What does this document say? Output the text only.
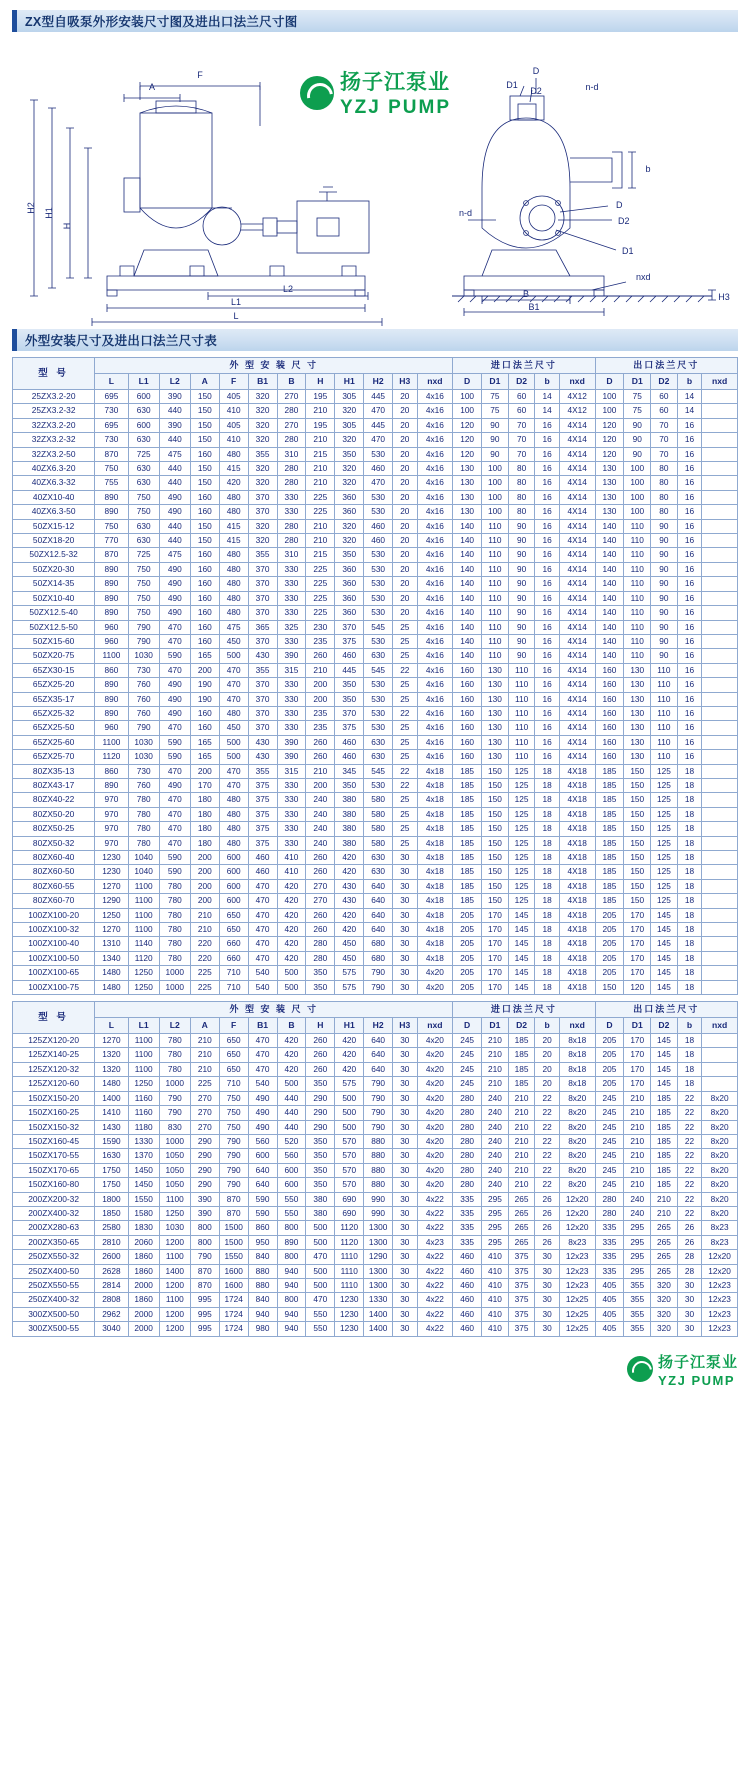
ZX型自吸泵外形安装尺寸图及进出口法兰尺寸图
F
A
H2 H1
H
L2
L1
L
D
D1
D2	n-d
b
n-d
D
D2
D1
nxd
B
B1
H3
扬子江泵业
YZJ PUMP
外型安装尺寸及进出口法兰尺寸表
型 号	外 型 安 装 尺 寸												进口法兰尺寸					出口法兰尺寸				
	L	L1	L2	A	F	B1	B	H	H1	H2	H3	nxd	D	D1	D2	b	nxd	D	D1	D2	b	nxd
25ZX3.2-20	695	600	390	150	405	320	270	195	305	445	20	4x16	100	75	60	14	4X12	100	75	60	14	
25ZX3.2-32	730	630	440	150	410	320	280	210	320	470	20	4x16	100	75	60	14	4X12	100	75	60	14	
32ZX3.2-20	695	600	390	150	405	320	270	195	305	445	20	4x16	120	90	70	16	4X14	120	90	70	16	
32ZX3.2-32	730	630	440	150	410	320	280	210	320	470	20	4x16	120	90	70	16	4X14	120	90	70	16	
32ZX3.2-50	870	725	475	160	480	355	310	215	350	530	20	4x16	120	90	70	16	4X14	120	90	70	16	
40ZX6.3-20	750	630	440	150	415	320	280	210	320	460	20	4x16	130	100	80	16	4X14	130	100	80	16	
40ZX6.3-32	755	630	440	150	420	320	280	210	320	470	20	4x16	130	100	80	16	4X14	130	100	80	16	
40ZX10-40	890	750	490	160	480	370	330	225	360	530	20	4x16	130	100	80	16	4X14	130	100	80	16	
40ZX6.3-50	890	750	490	160	480	370	330	225	360	530	20	4x16	130	100	80	16	4X14	130	100	80	16	
50ZX15-12	750	630	440	150	415	320	280	210	320	460	20	4x16	140	110	90	16	4X14	140	110	90	16	
50ZX18-20	770	630	440	150	415	320	280	210	320	460	20	4x16	140	110	90	16	4X14	140	110	90	16	
50ZX12.5-32	870	725	475	160	480	355	310	215	350	530	20	4x16	140	110	90	16	4X14	140	110	90	16	
50ZX20-30	890	750	490	160	480	370	330	225	360	530	20	4x16	140	110	90	16	4X14	140	110	90	16	
50ZX14-35	890	750	490	160	480	370	330	225	360	530	20	4x16	140	110	90	16	4X14	140	110	90	16	
50ZX10-40	890	750	490	160	480	370	330	225	360	530	20	4x16	140	110	90	16	4X14	140	110	90	16	
50ZX12.5-40	890	750	490	160	480	370	330	225	360	530	20	4x16	140	110	90	16	4X14	140	110	90	16	
50ZX12.5-50	960	790	470	160	475	365	325	230	370	545	25	4x16	140	110	90	16	4X14	140	110	90	16	
50ZX15-60	960	790	470	160	450	370	330	235	375	530	25	4x16	140	110	90	16	4X14	140	110	90	16	
50ZX20-75	1100	1030	590	165	500	430	390	260	460	630	25	4x16	140	110	90	16	4X14	140	110	90	16	
65ZX30-15	860	730	470	200	470	355	315	210	445	545	22	4x16	160	130	110	16	4X14	160	130	110	16	
65ZX25-20	890	760	490	190	470	370	330	200	350	530	25	4x16	160	130	110	16	4X14	160	130	110	16	
65ZX35-17	890	760	490	190	470	370	330	200	350	530	25	4x16	160	130	110	16	4X14	160	130	110	16	
65ZX25-32	890	760	490	160	480	370	330	235	370	530	22	4x16	160	130	110	16	4X14	160	130	110	16	
65ZX25-50	960	790	470	160	450	370	330	235	375	530	25	4x16	160	130	110	16	4X14	160	130	110	16	
65ZX25-60	1100	1030	590	165	500	430	390	260	460	630	25	4x16	160	130	110	16	4X14	160	130	110	16	
65ZX25-70	1120	1030	590	165	500	430	390	260	460	630	25	4x16	160	130	110	16	4X14	160	130	110	16	
80ZX35-13	860	730	470	200	470	355	315	210	345	545	22	4x18	185	150	125	18	4X18	185	150	125	18	
80ZX43-17	890	760	490	170	470	375	330	200	350	530	22	4x18	185	150	125	18	4X18	185	150	125	18	
80ZX40-22	970	780	470	180	480	375	330	240	380	580	25	4x18	185	150	125	18	4X18	185	150	125	18	
80ZX50-20	970	780	470	180	480	375	330	240	380	580	25	4x18	185	150	125	18	4X18	185	150	125	18	
80ZX50-25	970	780	470	180	480	375	330	240	380	580	25	4x18	185	150	125	18	4X18	185	150	125	18	
80ZX50-32	970	780	470	180	480	375	330	240	380	580	25	4x18	185	150	125	18	4X18	185	150	125	18	
80ZX60-40	1230	1040	590	200	600	460	410	260	420	630	30	4x18	185	150	125	18	4X18	185	150	125	18	
80ZX60-50	1230	1040	590	200	600	460	410	260	420	630	30	4x18	185	150	125	18	4X18	185	150	125	18	
80ZX60-55	1270	1100	780	200	600	470	420	270	430	640	30	4x18	185	150	125	18	4X18	185	150	125	18	
80ZX60-70	1290	1100	780	200	600	470	420	270	430	640	30	4x18	185	150	125	18	4X18	185	150	125	18	
100ZX100-20	1250	1100	780	210	650	470	420	260	420	640	30	4x18	205	170	145	18	4X18	205	170	145	18	
100ZX100-32	1270	1100	780	210	650	470	420	260	420	640	30	4x18	205	170	145	18	4X18	205	170	145	18	
100ZX100-40	1310	1140	780	220	660	470	420	280	450	680	30	4x18	205	170	145	18	4X18	205	170	145	18	
100ZX100-50	1340	1120	780	220	660	470	420	280	450	680	30	4x18	205	170	145	18	4X18	205	170	145	18	
100ZX100-65	1480	1250	1000	225	710	540	500	350	575	790	30	4x20	205	170	145	18	4X18	205	170	145	18	
100ZX100-75	1480	1250	1000	225	710	540	500	350	575	790	30	4x20	205	170	145	18	4X18	150	120	145	18	
型 号	外 型 安 装 尺 寸												进口法兰尺寸					出口法兰尺寸				
	L	L1	L2	A	F	B1	B	H	H1	H2	H3	nxd	D	D1	D2	b	nxd	D	D1	D2	b	nxd
125ZX120-20	1270	1100	780	210	650	470	420	260	420	640	30	4x20	245	210	185	20	8x18	205	170	145	18	
125ZX140-25	1320	1100	780	210	650	470	420	260	420	640	30	4x20	245	210	185	20	8x18	205	170	145	18	
125ZX120-32	1320	1100	780	210	650	470	420	260	420	640	30	4x20	245	210	185	20	8x18	205	170	145	18	
125ZX120-60	1480	1250	1000	225	710	540	500	350	575	790	30	4x20	245	210	185	20	8x18	205	170	145	18	
150ZX150-20	1400	1160	790	270	750	490	440	290	500	790	30	4x20	280	240	210	22	8x20	245	210	185	22	8x20
150ZX160-25	1410	1160	790	270	750	490	440	290	500	790	30	4x20	280	240	210	22	8x20	245	210	185	22	8x20
150ZX150-32	1430	1180	830	270	750	490	440	290	500	790	30	4x20	280	240	210	22	8x20	245	210	185	22	8x20
150ZX160-45	1590	1330	1000	290	790	560	520	350	570	880	30	4x20	280	240	210	22	8x20	245	210	185	22	8x20
150ZX170-55	1630	1370	1050	290	790	600	560	350	570	880	30	4x20	280	240	210	22	8x20	245	210	185	22	8x20
150ZX170-65	1750	1450	1050	290	790	640	600	350	570	880	30	4x20	280	240	210	22	8x20	245	210	185	22	8x20
150ZX160-80	1750	1450	1050	290	790	640	600	350	570	880	30	4x20	280	240	210	22	8x20	245	210	185	22	8x20
200ZX200-32	1800	1550	1100	390	870	590	550	380	690	990	30	4x22	335	295	265	26	12x20	280	240	210	22	8x20
200ZX400-32	1850	1580	1250	390	870	590	550	380	690	990	30	4x22	335	295	265	26	12x20	280	240	210	22	8x20
200ZX280-63	2580	1830	1030	800	1500	860	800	500	1120	1300	30	4x22	335	295	265	26	12x20	335	295	265	26	8x23
200ZX350-65	2810	2060	1200	800	1500	950	890	500	1120	1300	30	4x23	335	295	265	26	8x23	335	295	265	26	8x23
250ZX550-32	2600	1860	1100	790	1550	840	800	470	1110	1290	30	4x22	460	410	375	30	12x23	335	295	265	28	12x20
250ZX400-50	2628	1860	1400	870	1600	880	940	500	1110	1300	30	4x22	460	410	375	30	12x23	335	295	265	28	12x20
250ZX550-55	2814	2000	1200	870	1600	880	940	500	1110	1300	30	4x22	460	410	375	30	12x23	405	355	320	30	12x23
250ZX400-32	2808	1860	1100	995	1724	840	800	470	1230	1330	30	4x22	460	410	375	30	12x25	405	355	320	30	12x23
300ZX500-50	2962	2000	1200	995	1724	940	940	550	1230	1400	30	4x22	460	410	375	30	12x25	405	355	320	30	12x23
300ZX500-55	3040	2000	1200	995	1724	980	940	550	1230	1400	30	4x22	460	410	375	30	12x25	405	355	320	30	12x23
扬子江泵业
YZJ PUMP
